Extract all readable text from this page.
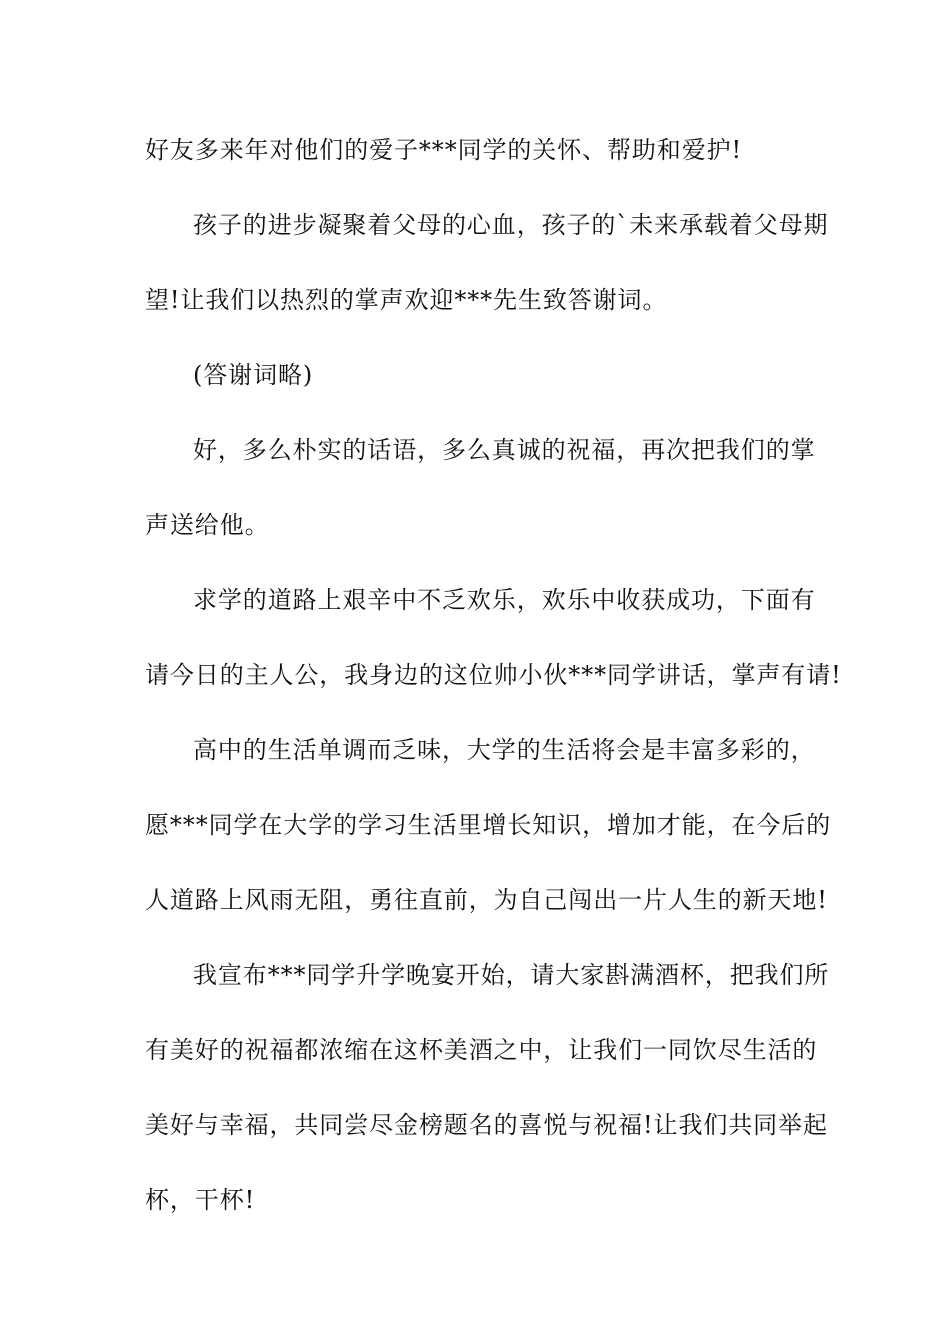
好友多来年对他们的爱子***同学的关怀、帮助和爱护!
孩子的进步凝聚着父母的心血，孩子的`未来承载着父母期
望!让我们以热烈的掌声欢迎***先生致答谢词。
(答谢词略)
好，多么朴实的话语，多么真诚的祝福，再次把我们的掌
声送给他。
求学的道路上艰辛中不乏欢乐，欢乐中收获成功，下面有
请今日的主人公，我身边的这位帅小伙***同学讲话，掌声有请!
高中的生活单调而乏味，大学的生活将会是丰富多彩的，
愿***同学在大学的学习生活里增长知识，增加才能，在今后的
人道路上风雨无阻，勇往直前，为自己闯出一片人生的新天地!
我宣布***同学升学晚宴开始，请大家斟满酒杯，把我们所
有美好的祝福都浓缩在这杯美酒之中，让我们一同饮尽生活的
美好与幸福，共同尝尽金榜题名的喜悦与祝福!让我们共同举起
杯，干杯!
